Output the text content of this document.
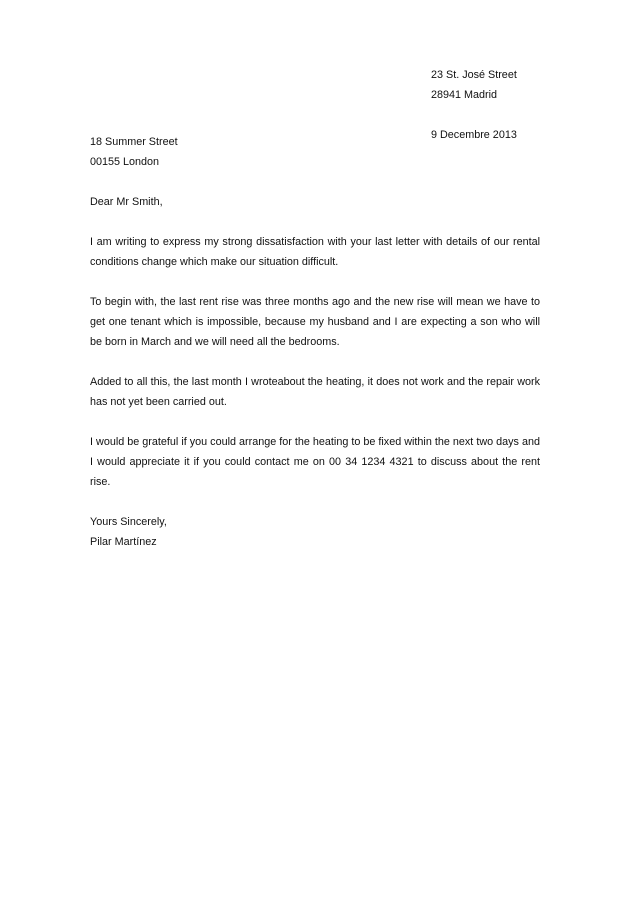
23 St. José Street
28941 Madrid
9 Decembre 2013
18 Summer Street
00155 London
Dear Mr Smith,

I am writing to express my strong dissatisfaction with your last letter with details of our rental conditions change which make our situation difficult.

To begin with, the last rent rise was three months ago and the new rise will mean we have to get one tenant which is impossible, because my husband and I are expecting a son who will be born in March and we will need all the bedrooms.

Added to all this, the last month I wroteabout the heating, it does not work and the repair work has not yet been carried out.

I would be grateful if you could arrange for the heating to be fixed within the next two days and I would appreciate it if you could contact me on 00 34 1234 4321 to discuss about the rent rise.

Yours Sincerely,
Pilar Martínez
